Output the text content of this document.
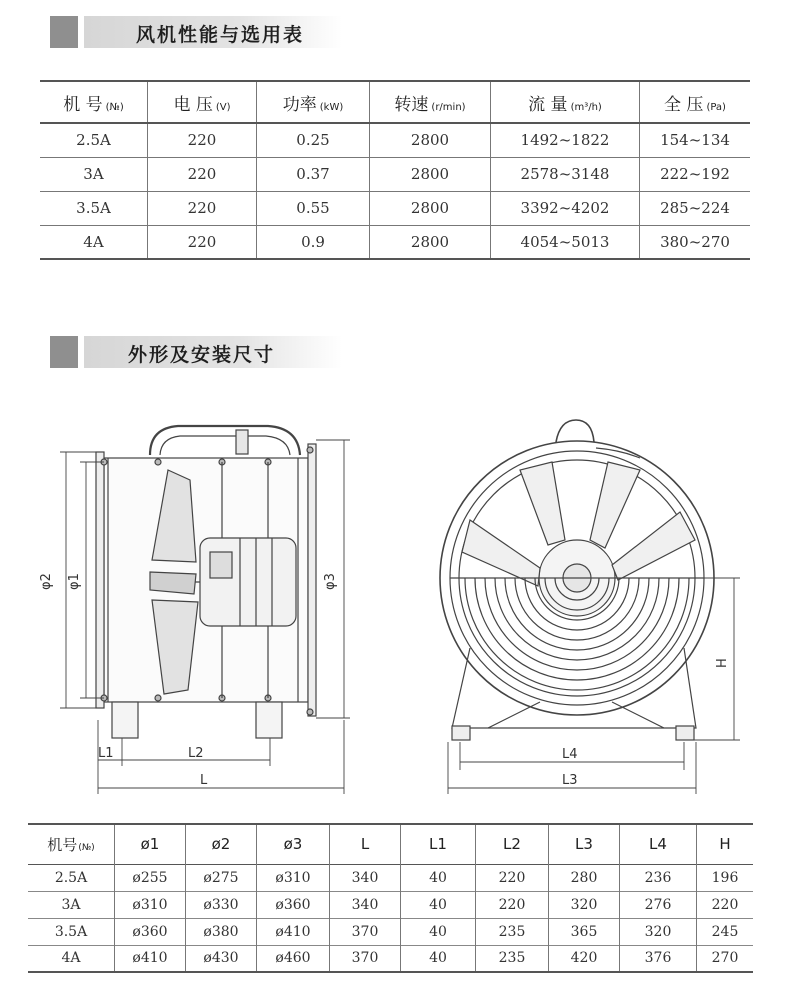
风机性能与选用表
机 号 (№)	电 压 (V)	功率 (kW)	转速 (r/min)	流 量 (m³/h)	全 压 (Pa)
2.5A	220	0.25	2800	1492~1822	154~134
3A	220	0.37	2800	2578~3148	222~192
3.5A	220	0.55	2800	3392~4202	285~224
4A	220	0.9	2800	4054~5013	380~270
外形及安装尺寸
φ2 φ1	φ3
L1	L2
L
L4
L3
H
机号(№)	ø1	ø2	ø3	L	L1	L2	L3	L4	H
2.5A	ø255	ø275	ø310	340	40	220	280	236	196
3A	ø310	ø330	ø360	340	40	220	320	276	220
3.5A	ø360	ø380	ø410	370	40	235	365	320	245
4A	ø410	ø430	ø460	370	40	235	420	376	270
